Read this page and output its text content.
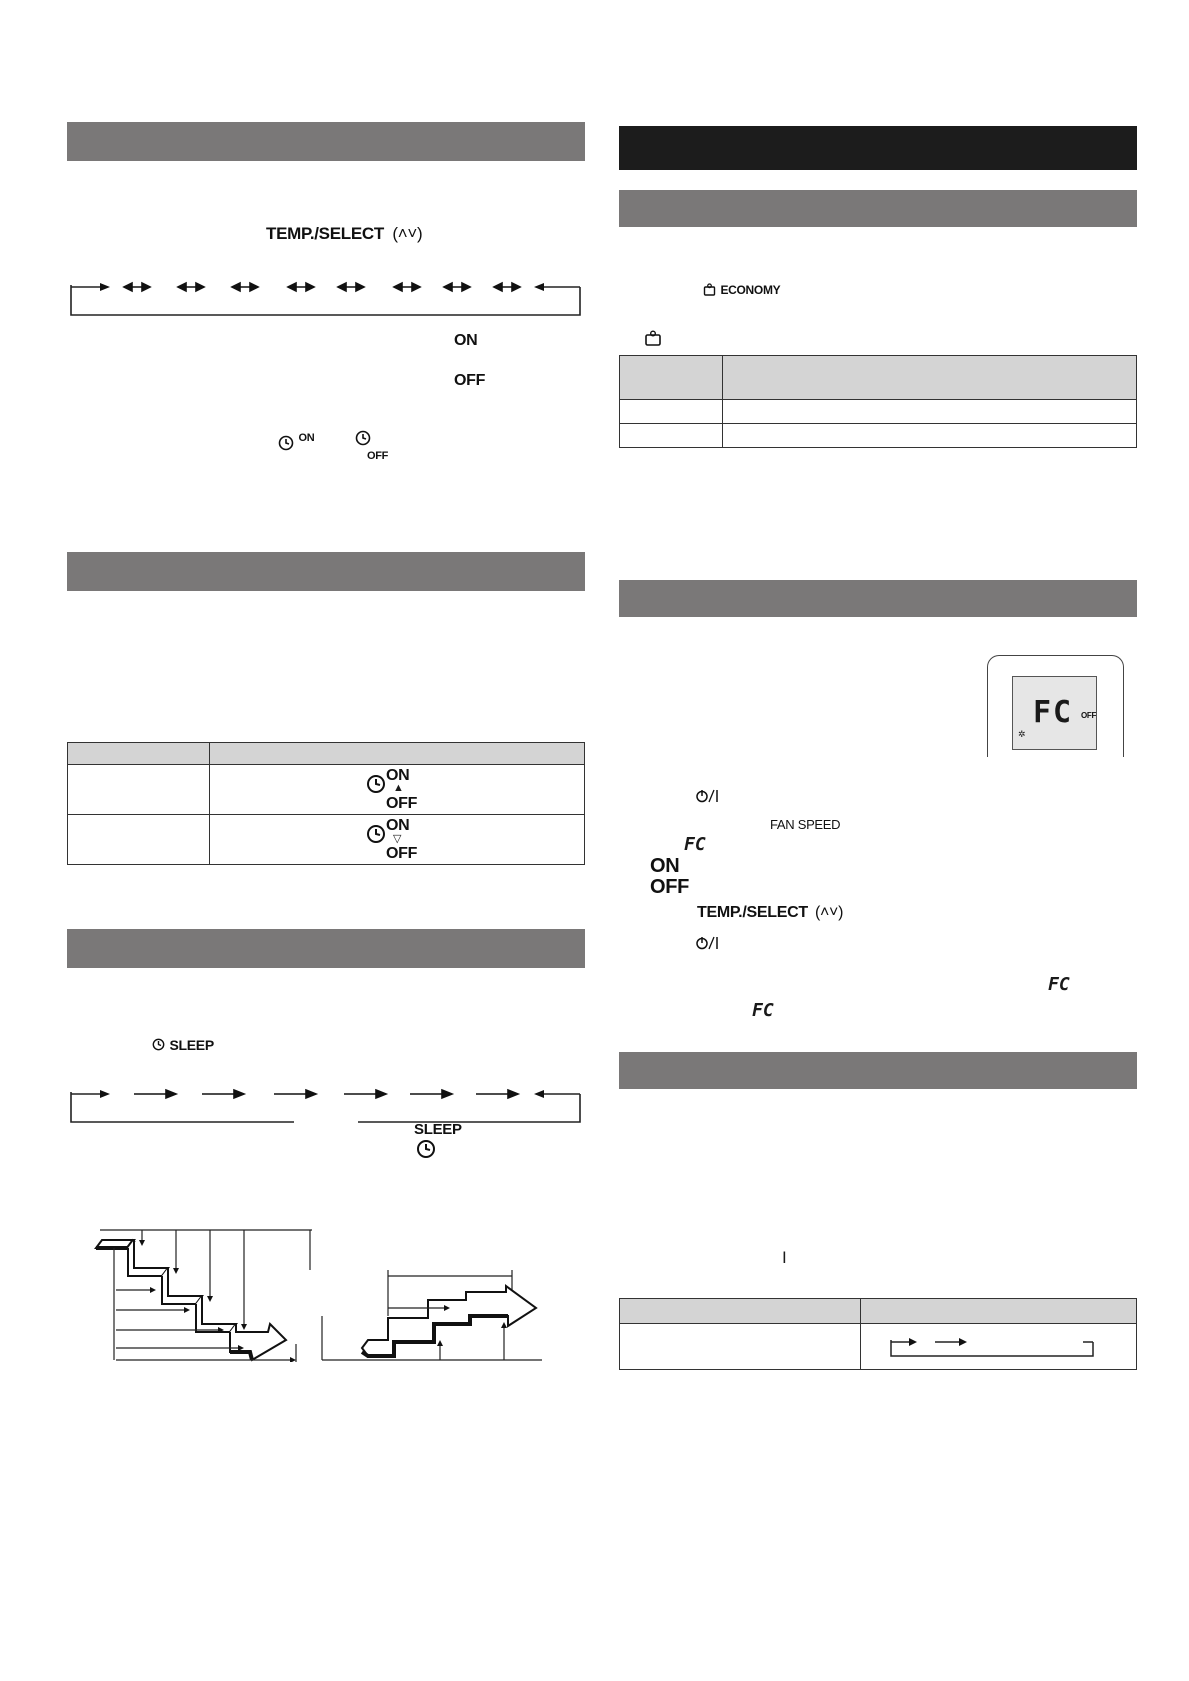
TEMP./SELECT (˄˅)
ON
OFF
$^{ON}$
OFF

	ON
▲
OFF

	ON
▽
OFF
SLEEP
SLEEP
ECONOMY

FC OFF
✲
FAN SPEED
FC
ON
OFF
TEMP./SELECT (˄˅)
FC
FC
I
